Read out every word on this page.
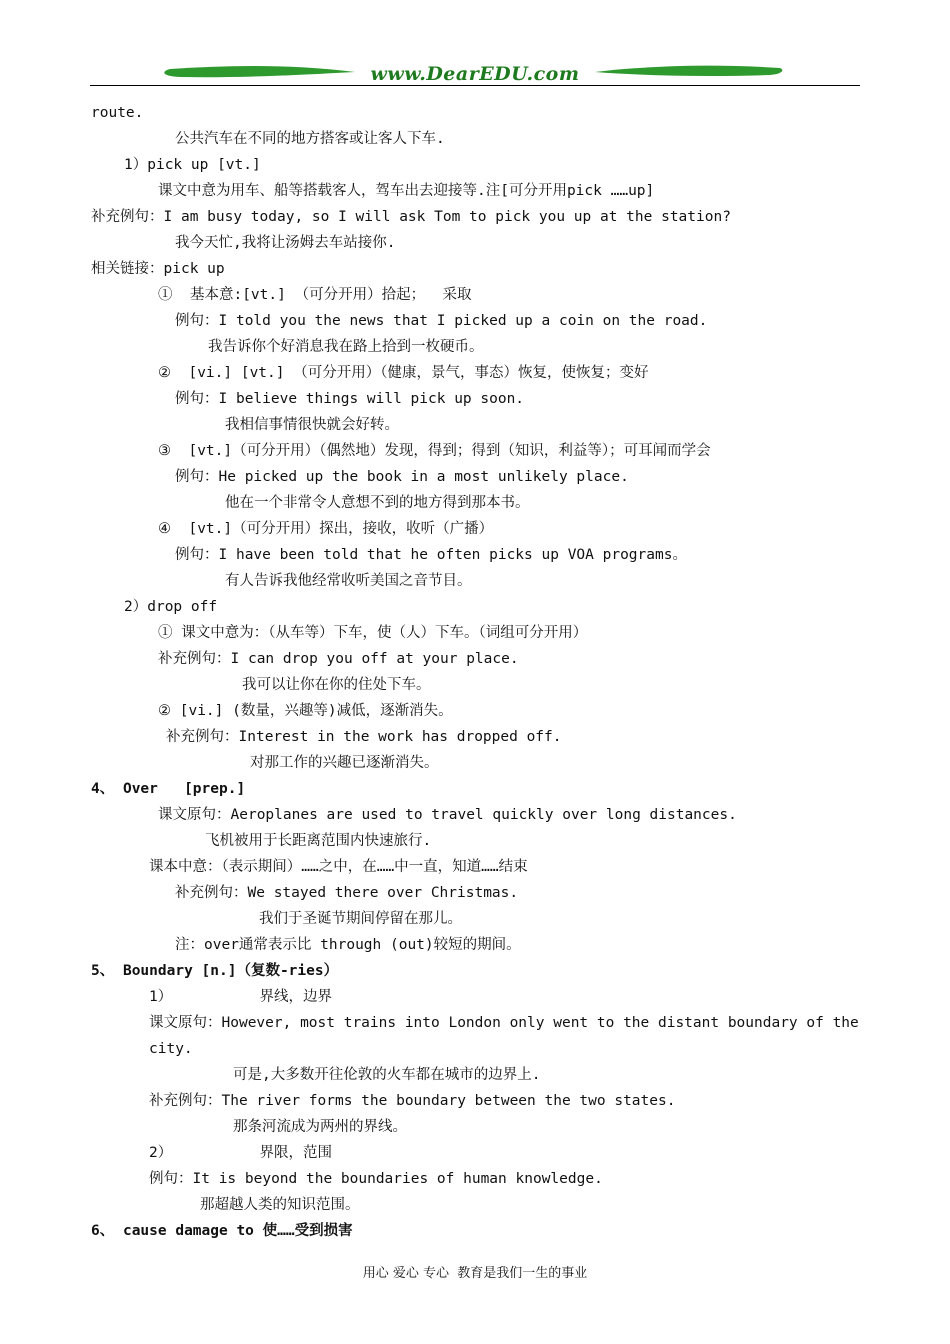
www.DearEDU.com
route.
公共汽车在不同的地方搭客或让客人下车.
1）pick up [vt.]
课文中意为用车、船等搭载客人，驾车出去迎接等.注[可分开用pick ……up]
补充例句：I am busy today, so I will ask Tom to pick you up at the station?
我今天忙,我将让汤姆去车站接你.
相关链接：pick up
①  基本意:[vt.] （可分开用）拾起；  采取
例句：I told you the news that I picked up a coin on the road.
我告诉你个好消息我在路上拾到一枚硬币。
②  [vi.] [vt.] （可分开用）（健康，景气，事态）恢复，使恢复；变好
例句：I believe things will pick up soon.
我相信事情很快就会好转。
③  [vt.]（可分开用）（偶然地）发现，得到；得到（知识，利益等）；可耳闻而学会
例句：He picked up the book in a most unlikely place.
他在一个非常令人意想不到的地方得到那本书。
④  [vt.]（可分开用）探出，接收，收听（广播）
例句：I have been told that he often picks up VOA programs。
有人告诉我他经常收听美国之音节目。
2）drop off
① 课文中意为：（从车等）下车，使（人）下车。（词组可分开用）
补充例句：I can drop you off at your place.
我可以让你在你的住处下车。
② [vi.] (数量，兴趣等)减低，逐渐消失。
补充例句：Interest in the work has dropped off.
对那工作的兴趣已逐渐消失。
4、 Over   [prep.]
课文原句：Aeroplanes are used to travel quickly over long distances.
飞机被用于长距离范围内快速旅行.
课本中意：（表示期间）……之中，在……中一直，知道……结束
补充例句：We stayed there over Christmas.
我们于圣诞节期间停留在那儿。
注：over通常表示比 through (out)较短的期间。
5、 Boundary [n.]（复数-ries）
1）          界线，边界
课文原句：However, most trains into London only went to the distant boundary of the
city.
可是,大多数开往伦敦的火车都在城市的边界上.
补充例句：The river forms the boundary between the two states.
那条河流成为两州的界线。
2）          界限，范围
例句：It is beyond the boundaries of human knowledge.
那超越人类的知识范围。
6、 cause damage to 使……受到损害
用心 爱心 专心  教育是我们一生的事业
